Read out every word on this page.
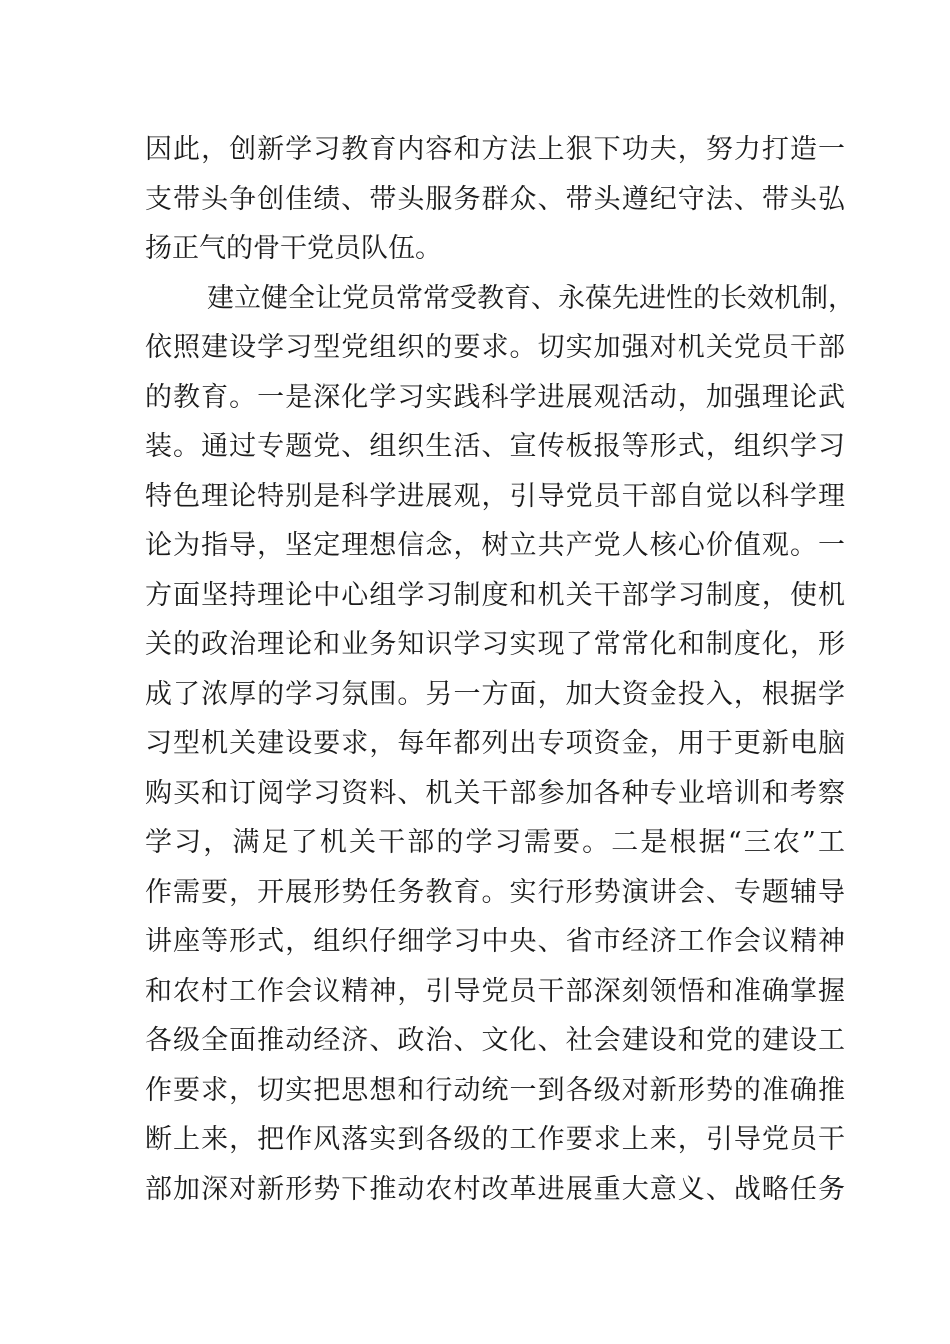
因此，创新学习教育内容和方法上狠下功夫，努力打造一
支带头争创佳绩、带头服务群众、带头遵纪守法、带头弘
扬正气的骨干党员队伍。
建立健全让党员常常受教育、永葆先进性的长效机制，
依照建设学习型党组织的要求。切实加强对机关党员干部
的教育。一是深化学习实践科学进展观活动，加强理论武
装。通过专题党、组织生活、宣传板报等形式，组织学习
特色理论特别是科学进展观，引导党员干部自觉以科学理
论为指导，坚定理想信念，树立共产党人核心价值观。一
方面坚持理论中心组学习制度和机关干部学习制度，使机
关的政治理论和业务知识学习实现了常常化和制度化，形
成了浓厚的学习氛围。另一方面，加大资金投入，根据学
习型机关建设要求，每年都列出专项资金，用于更新电脑
购买和订阅学习资料、机关干部参加各种专业培训和考察
学习，满足了机关干部的学习需要。二是根据“三农”工
作需要，开展形势任务教育。实行形势演讲会、专题辅导
讲座等形式，组织仔细学习中央、省市经济工作会议精神
和农村工作会议精神，引导党员干部深刻领悟和准确掌握
各级全面推动经济、政治、文化、社会建设和党的建设工
作要求，切实把思想和行动统一到各级对新形势的准确推
断上来，把作风落实到各级的工作要求上来，引导党员干
部加深对新形势下推动农村改革进展重大意义、战略任务
